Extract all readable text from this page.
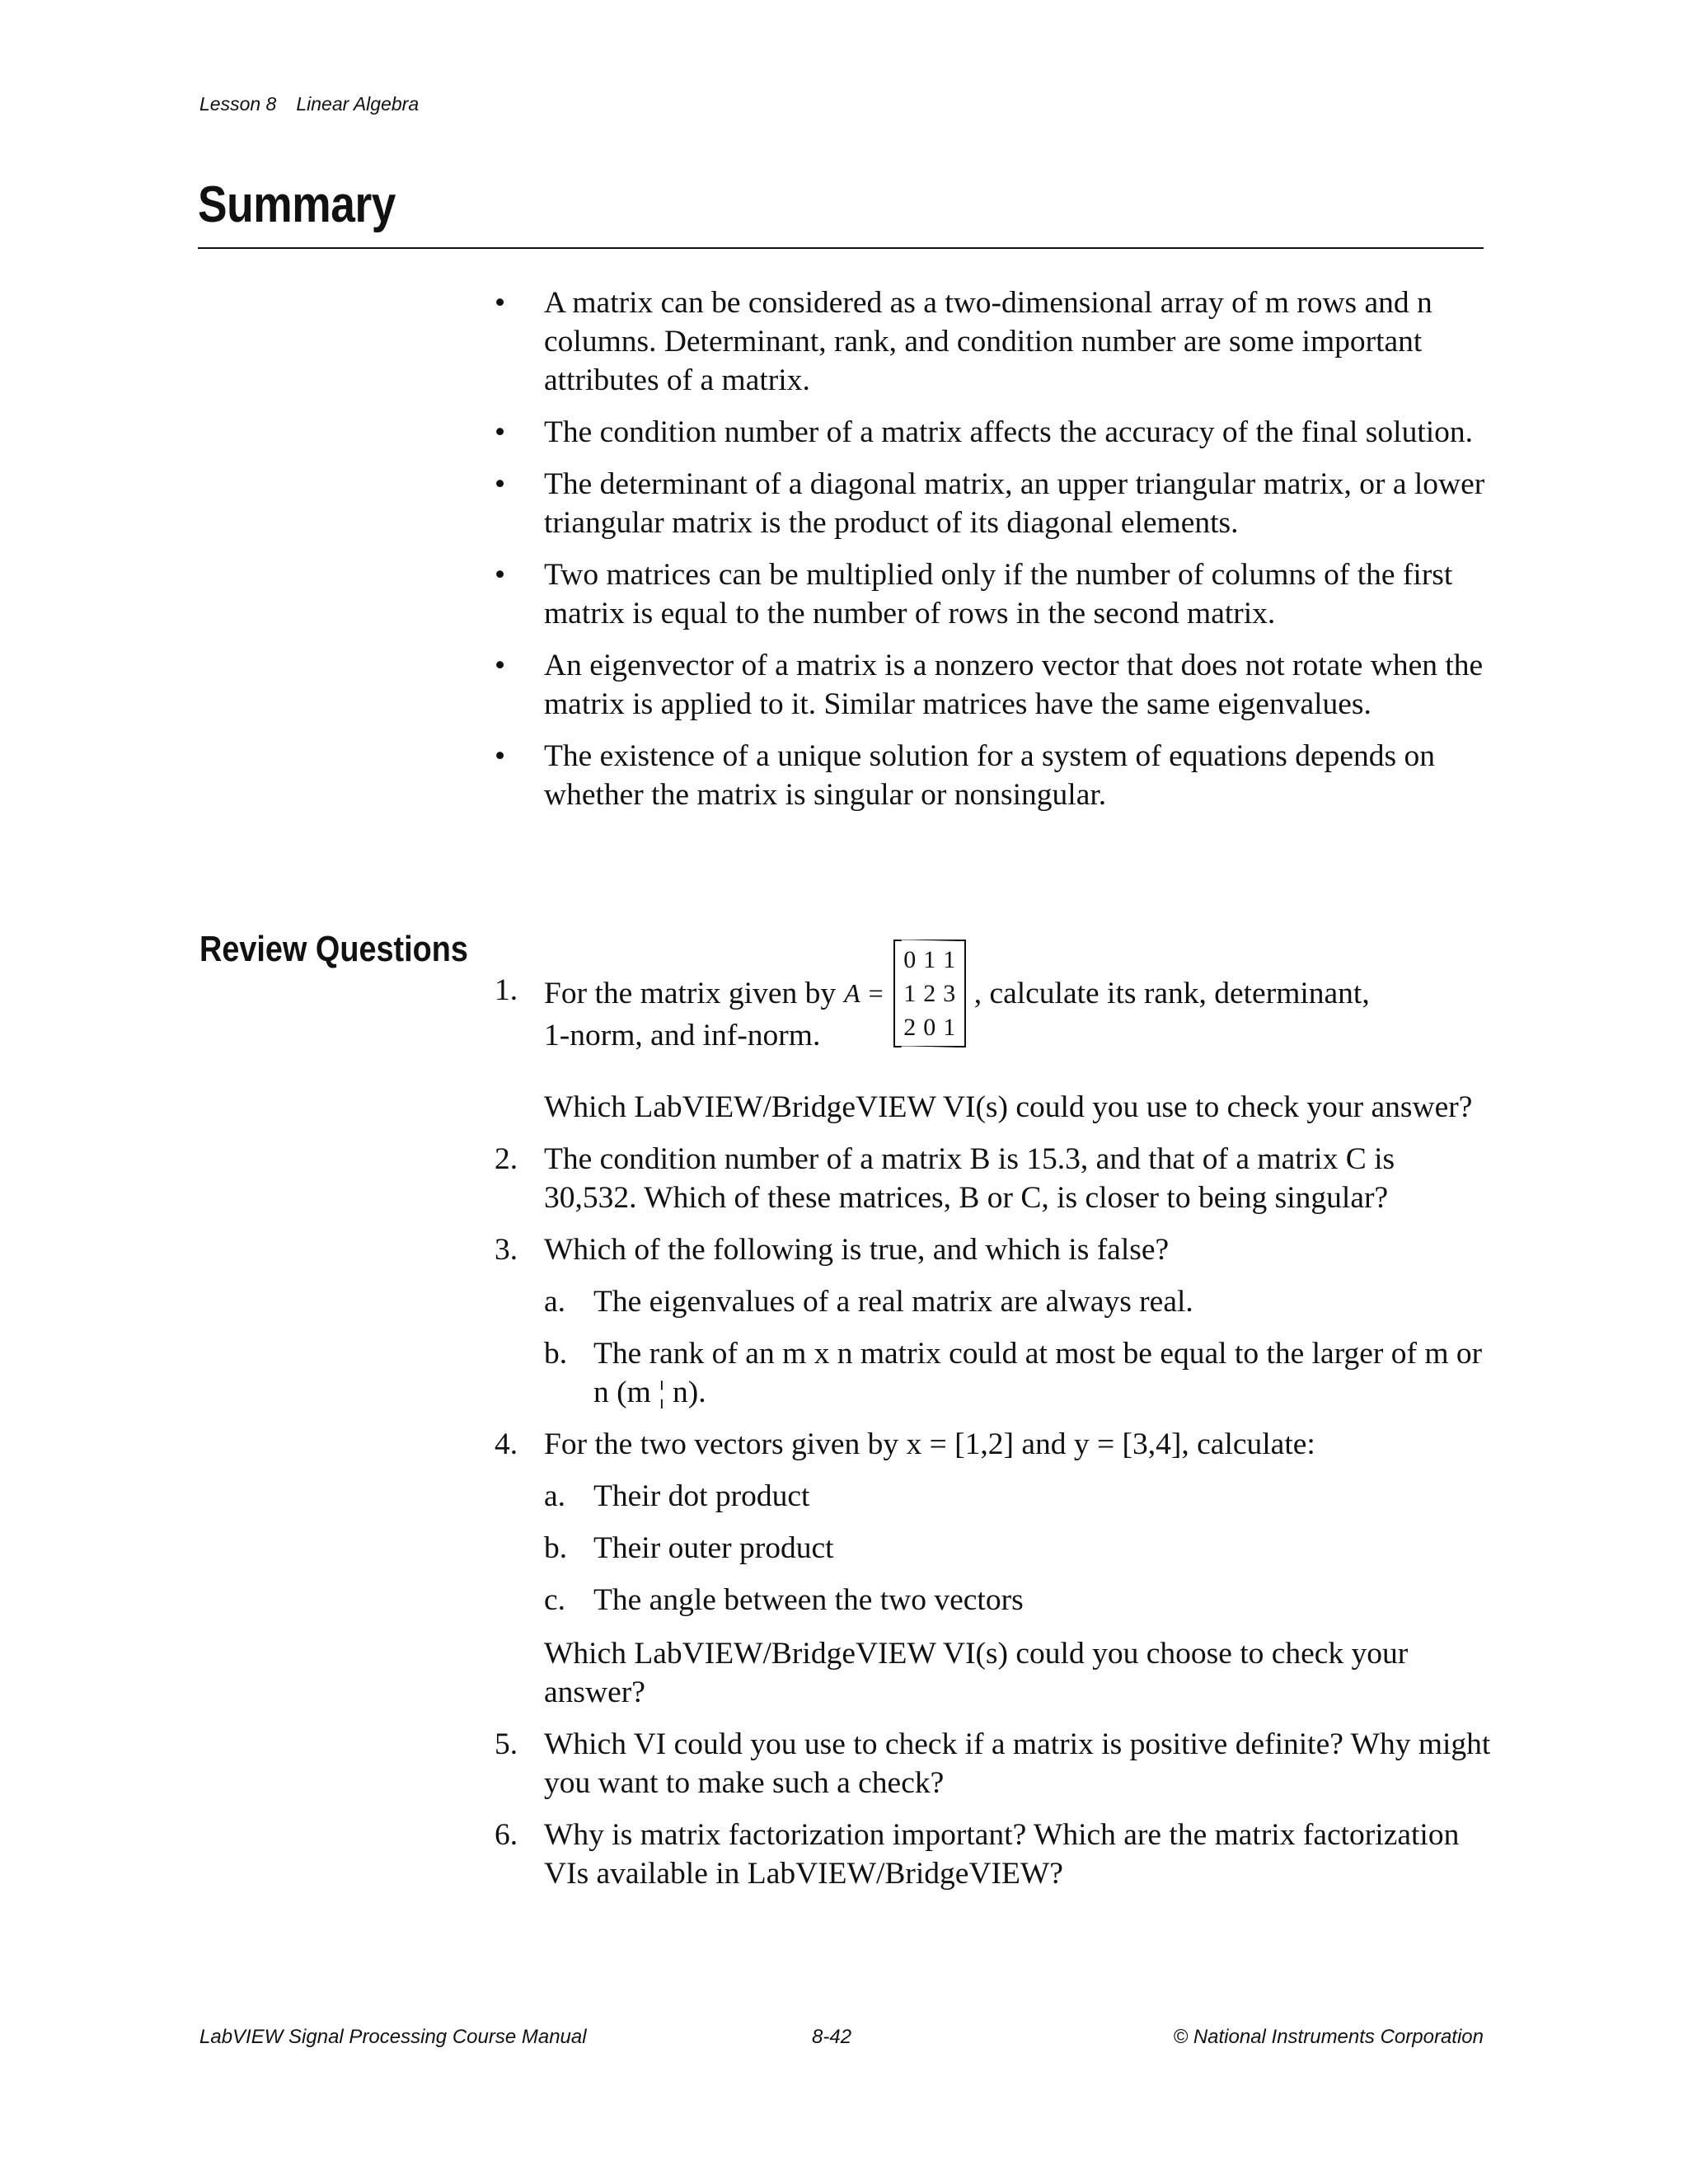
Lesson 8 Linear Algebra
Summary
• A matrix can be considered as a two-dimensional array of m rows and n columns. Determinant, rank, and condition number are some important attributes of a matrix.
• The condition number of a matrix affects the accuracy of the final solution.
• The determinant of a diagonal matrix, an upper triangular matrix, or a lower triangular matrix is the product of its diagonal elements.
• Two matrices can be multiplied only if the number of columns of the first matrix is equal to the number of rows in the second matrix.
• An eigenvector of a matrix is a nonzero vector that does not rotate when the matrix is applied to it. Similar matrices have the same eigenvalues.
• The existence of a unique solution for a system of equations depends on whether the matrix is singular or nonsingular.
Review Questions
1. For the matrix given by A =
0 1 1
1 2 3
2 0 1
, calculate its rank, determinant,
1-norm, and inf-norm.
Which LabVIEW/BridgeVIEW VI(s) could you use to check your answer?
2. The condition number of a matrix B is 15.3, and that of a matrix C is 30,532. Which of these matrices, B or C, is closer to being singular?
3. Which of the following is true, and which is false?
a. The eigenvalues of a real matrix are always real.
b. The rank of an m x n matrix could at most be equal to the larger of m or n (m ¦ n).
4. For the two vectors given by x = [1,2] and y = [3,4], calculate:
a. Their dot product
b. Their outer product
c. The angle between the two vectors
Which LabVIEW/BridgeVIEW VI(s) could you choose to check your answer?
5. Which VI could you use to check if a matrix is positive definite? Why might you want to make such a check?
6. Why is matrix factorization important? Which are the matrix factorization VIs available in LabVIEW/BridgeVIEW?
LabVIEW Signal Processing Course Manual	8-42	© National Instruments Corporation
